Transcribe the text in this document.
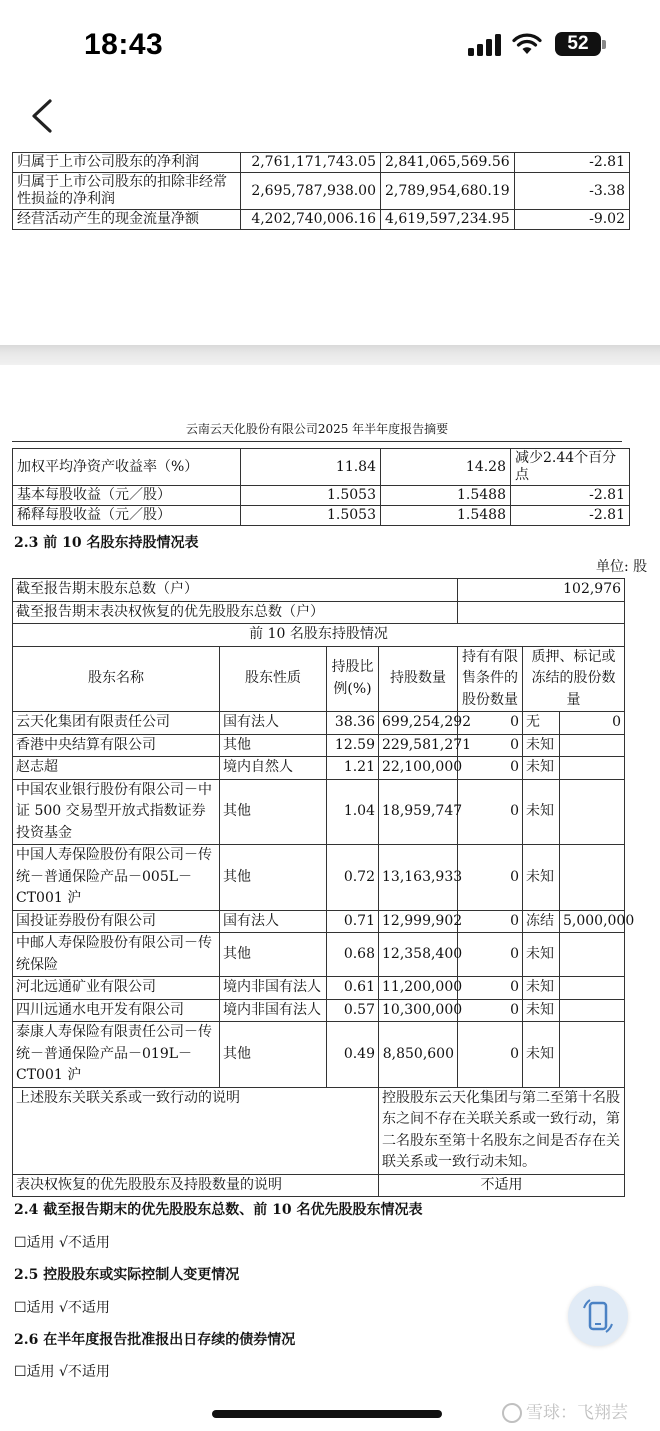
18:43	52
归属于上市公司股东的净利润	2,761,171,743.05	2,841,065,569.56	-2.81
归属于上市公司股东的扣除非经常性损益的净利润	2,695,787,938.00	2,789,954,680.19	-3.38
经营活动产生的现金流量净额	4,202,740,006.16	4,619,597,234.95	-9.02
云南云天化股份有限公司2025 年半年度报告摘要
加权平均净资产收益率（%）	11.84	14.28	减少2.44个百分点
基本每股收益（元／股）	1.5053	1.5488	-2.81
稀释每股收益（元／股）	1.5053	1.5488	-2.81
2.3 前 10 名股东持股情况表
单位: 股
截至报告期末股东总数（户）				102,976		
截至报告期末表决权恢复的优先股股东总数（户）						
前 10 名股东持股情况						
股东名称	股东性质	持股比例(%)	持股数量	持有有限售条件的股份数量	质押、标记或冻结的股份数量	
云天化集团有限责任公司	国有法人	38.36	699,254,292	0	无	0
香港中央结算有限公司	其他	12.59	229,581,271	0	未知	
赵志超	境内自然人	1.21	22,100,000	0	未知	
中国农业银行股份有限公司－中证 500 交易型开放式指数证券投资基金	其他	1.04	18,959,747	0	未知	
中国人寿保险股份有限公司－传统－普通保险产品－005L－CT001 沪	其他	0.72	13,163,933	0	未知	
国投证券股份有限公司	国有法人	0.71	12,999,902	0	冻结	5,000,000
中邮人寿保险股份有限公司－传统保险	其他	0.68	12,358,400	0	未知	
河北远通矿业有限公司	境内非国有法人	0.61	11,200,000	0	未知	
四川远通水电开发有限公司	境内非国有法人	0.57	10,300,000	0	未知	
泰康人寿保险有限责任公司－传统－普通保险产品－019L－CT001 沪	其他	0.49	8,850,600	0	未知	
上述股东关联关系或一致行动的说明			控股股东云天化集团与第二至第十名股东之间不存在关联关系或一致行动，第二名股东至第十名股东之间是否存在关联关系或一致行动未知。			
表决权恢复的优先股股东及持股数量的说明			不适用			
2.4 截至报告期末的优先股股东总数、前 10 名优先股股东情况表
☐适用 √不适用
2.5 控股股东或实际控制人变更情况
☐适用 √不适用
2.6 在半年度报告批准报出日存续的债券情况
☐适用 √不适用
雪球：飞翔芸
